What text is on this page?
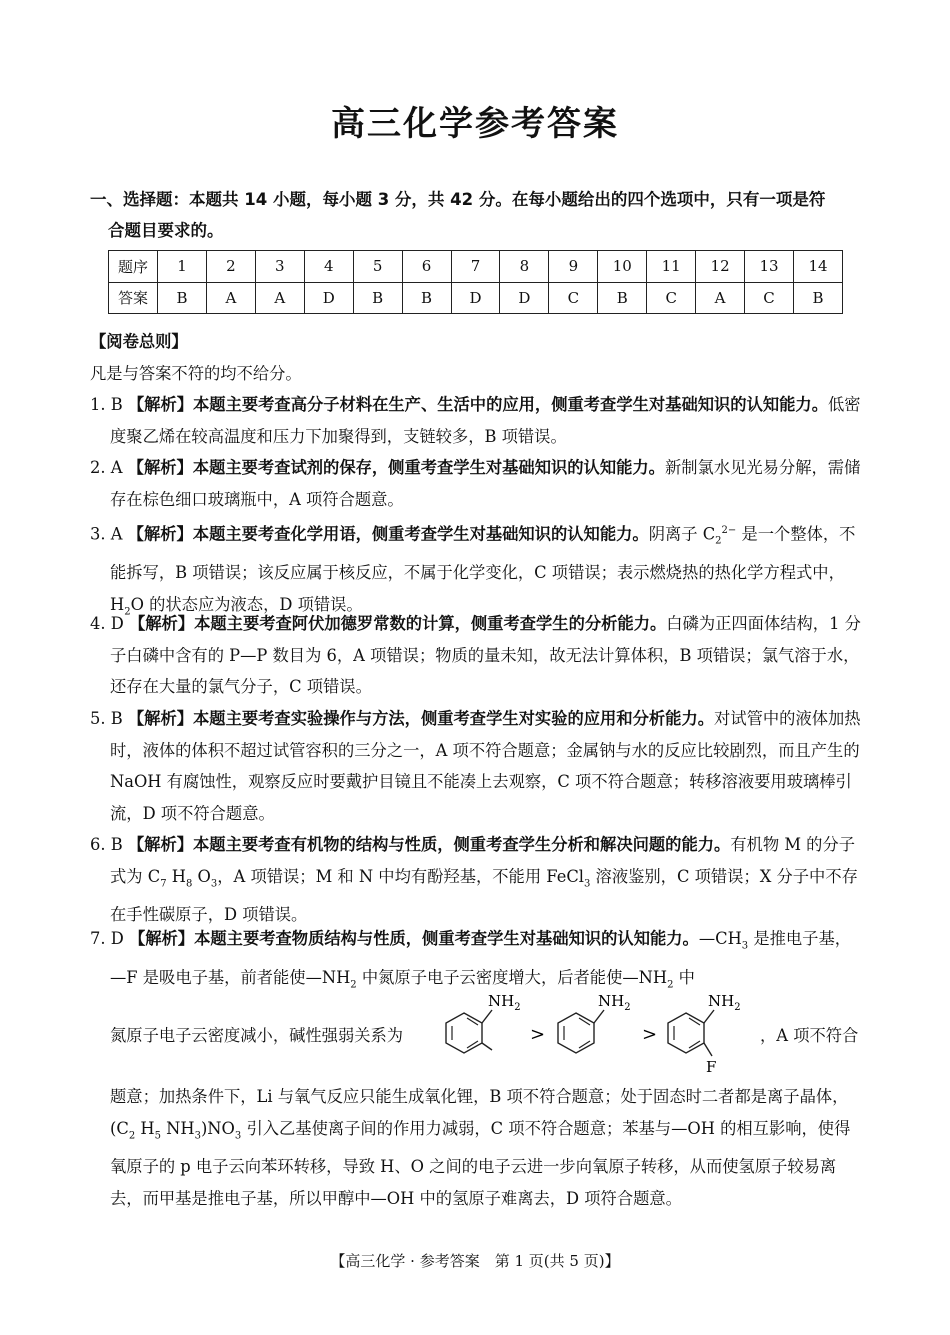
高三化学参考答案
一、选择题：本题共 14 小题，每小题 3 分，共 42 分。在每小题给出的四个选项中，只有一项是符
合题目要求的。
题序	1	2	3	4	5	6	7	8	9	10	11	12	13	14
答案	B	A	A	D	B	B	D	D	C	B	C	A	C	B
【阅卷总则】
凡是与答案不符的均不给分。
1. B 【解析】本题主要考查高分子材料在生产、生活中的应用，侧重考查学生对基础知识的认知能力。低密度聚乙烯在较高温度和压力下加聚得到，支链较多，B 项错误。
2. A 【解析】本题主要考查试剂的保存，侧重考查学生对基础知识的认知能力。新制氯水见光易分解，需储存在棕色细口玻璃瓶中，A 项符合题意。
3. A 【解析】本题主要考查化学用语，侧重考查学生对基础知识的认知能力。阴离子 $C_2^{2-}$ 是一个整体，不能拆写，B 项错误；该反应属于核反应，不属于化学变化，C 项错误；表示燃烧热的热化学方程式中，$H_2O$ 的状态应为液态，D 项错误。
4. D 【解析】本题主要考查阿伏加德罗常数的计算，侧重考查学生的分析能力。白磷为正四面体结构，1 分子白磷中含有的 P—P 数目为 6，A 项错误；物质的量未知，故无法计算体积，B 项错误；氯气溶于水，还存在大量的氯气分子，C 项错误。
5. B 【解析】本题主要考查实验操作与方法，侧重考查学生对实验的应用和分析能力。对试管中的液体加热时，液体的体积不超过试管容积的三分之一，A 项不符合题意；金属钠与水的反应比较剧烈，而且产生的 NaOH 有腐蚀性，观察反应时要戴护目镜且不能凑上去观察，C 项不符合题意；转移溶液要用玻璃棒引流，D 项不符合题意。
6. B 【解析】本题主要考查有机物的结构与性质，侧重考查学生分析和解决问题的能力。有机物 M 的分子式为 $C_7$ $H_8$ $O_3$，A 项错误；M 和 N 中均有酚羟基，不能用 FeCl$_3$ 溶液鉴别，C 项错误；X 分子中不存在手性碳原子，D 项错误。
7. D 【解析】本题主要考查物质结构与性质，侧重考查学生对基础知识的认知能力。$—CH_3$ 是推电子基，—F 是吸电子基，前者能使$—NH_2$ 中氮原子电子云密度增大，后者能使$—NH_2$ 中
氮原子电子云密度减小，碱性强弱关系为
$NH_2$
>
$NH_2$
>
$NH_2$
F
，A 项不符合
题意；加热条件下，Li 与氧气反应只能生成氧化锂，B 项不符合题意；处于固态时二者都是离子晶体，($C_2$ $H_5$ $NH_3)NO_3$ 引入乙基使离子间的作用力减弱，C 项不符合题意；苯基与—OH 的相互影响，使得氧原子的 p 电子云向苯环转移，导致 H、O 之间的电子云进一步向氧原子转移，从而使氢原子较易离去，而甲基是推电子基，所以甲醇中—OH 中的氢原子难离去，D 项符合题意。
【高三化学 · 参考答案　第 1 页(共 5 页)】
